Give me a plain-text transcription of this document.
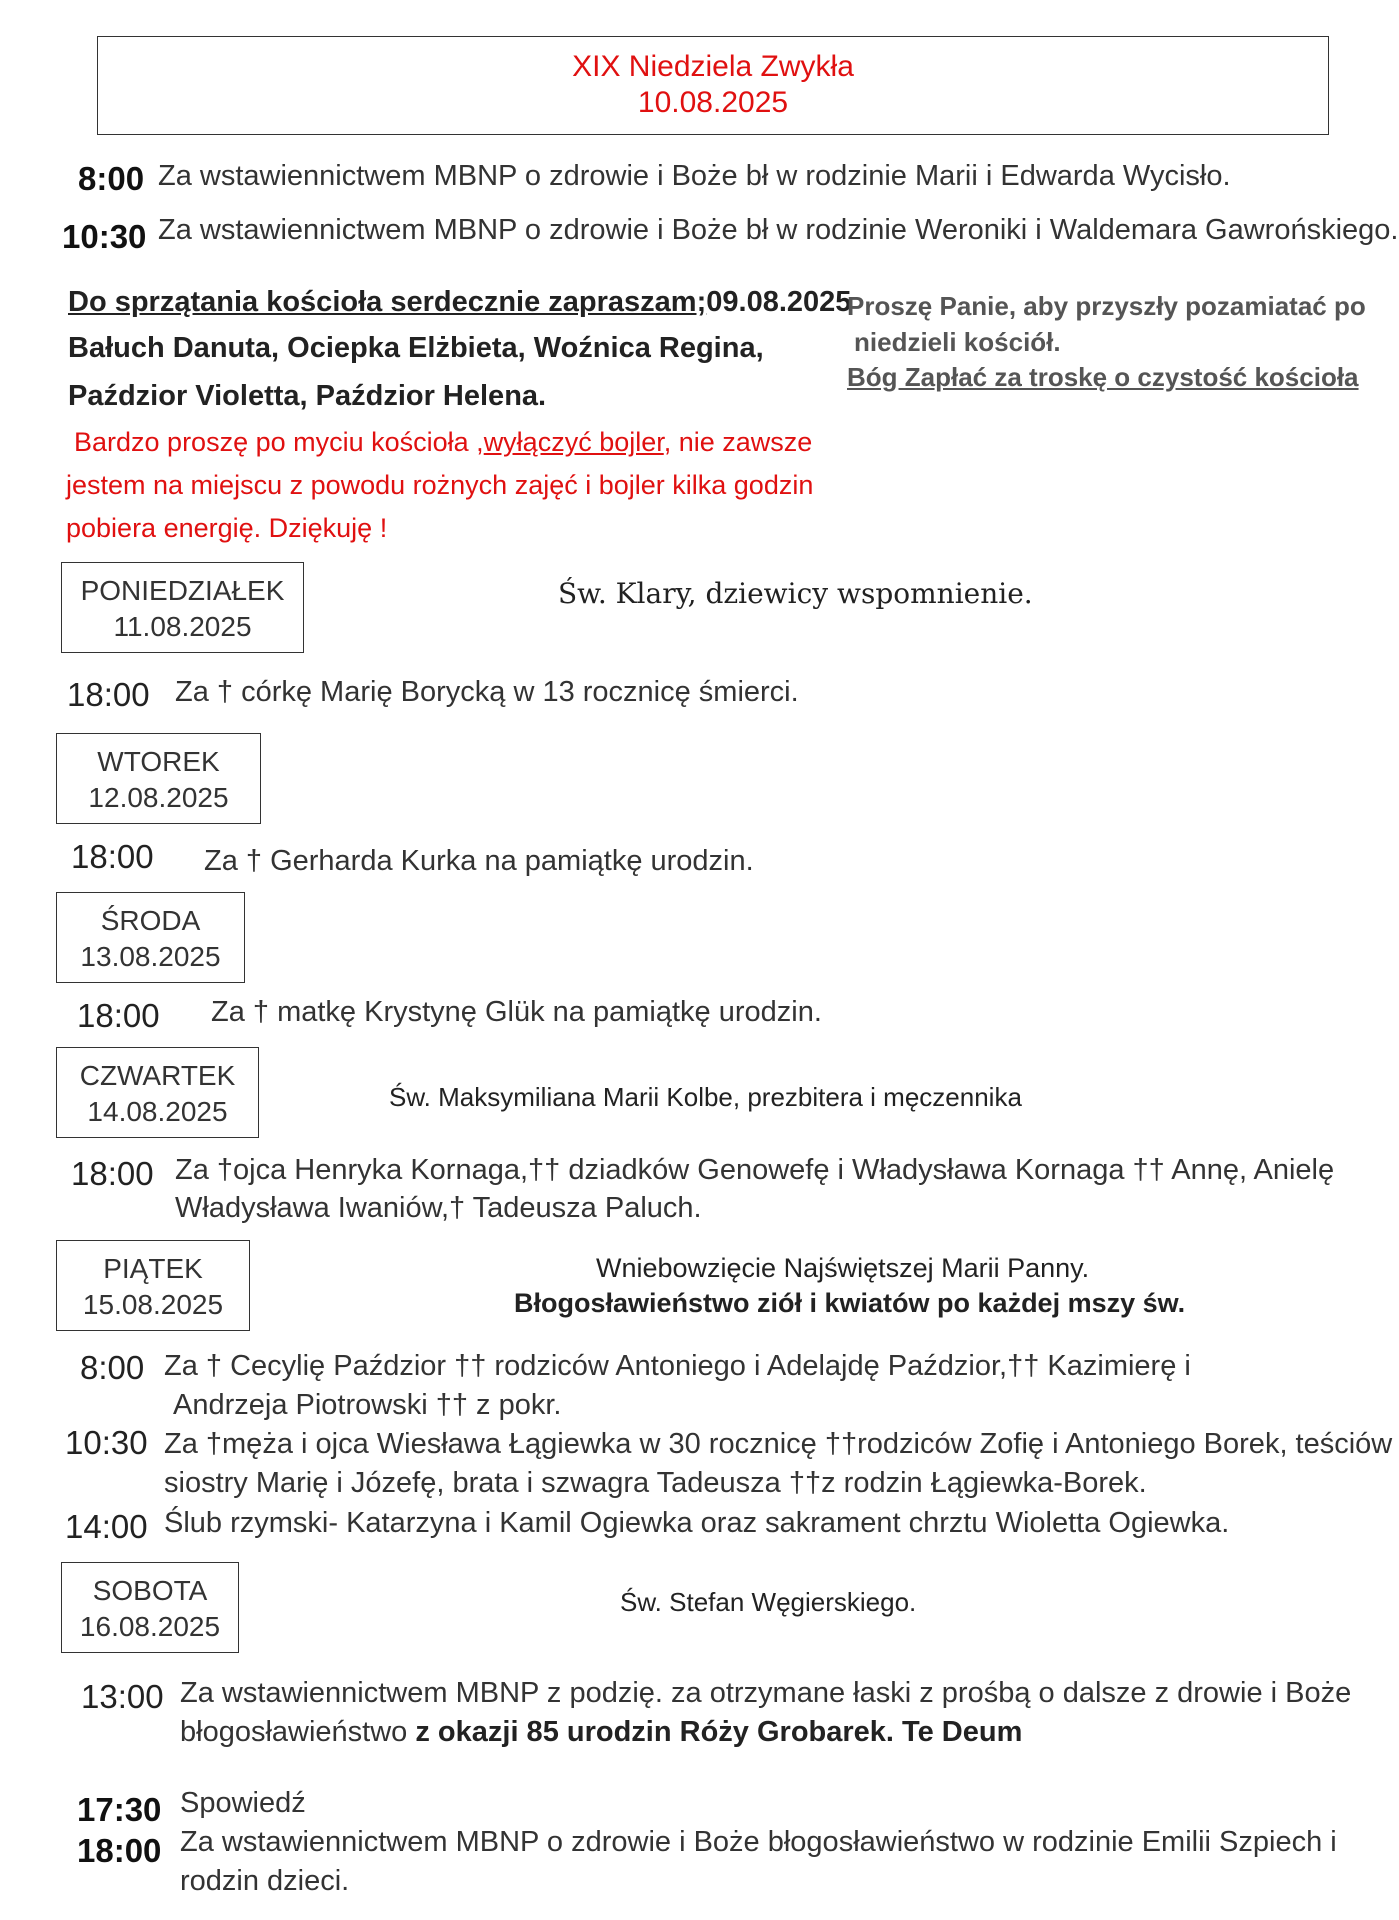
XIX Niedziela Zwykła
10.08.2025
8:00 Za wstawiennictwem MBNP o zdrowie i Boże bł w rodzinie Marii i Edwarda Wycisło.
10:30 Za wstawiennictwem MBNP o zdrowie i Boże bł w rodzinie Weroniki i Waldemara Gawrońskiego.
Do sprzątania kościoła serdecznie zapraszam;09.08.2025
Bałuch Danuta, Ociepka Elżbieta, Woźnica Regina,
Paździor Violetta, Paździor Helena.
Bardzo proszę po myciu kościoła ,wyłączyć bojler, nie zawsze
jestem na miejscu z powodu rożnych zajęć i bojler kilka godzin
pobiera energię. Dziękuję !
Proszę Panie, aby przyszły pozamiatać po
niedzieli kościół.
Bóg Zapłać za troskę o czystość kościoła
PONIEDZIAŁEK
11.08.2025
Św. Klary, dziewicy wspomnienie.
18:00 Za † córkę Marię Borycką w 13 rocznicę śmierci.
WTOREK
12.08.2025
18:00 Za † Gerharda Kurka na pamiątkę urodzin.
ŚRODA
13.08.2025
18:00 Za † matkę Krystynę Glük na pamiątkę urodzin.
CZWARTEK
14.08.2025	Św. Maksymiliana Marii Kolbe, prezbitera i męczennika
18:00 Za †ojca Henryka Kornaga,†† dziadków Genowefę i Władysława Kornaga †† Annę, Anielę
Władysława Iwaniów,† Tadeusza Paluch.
PIĄTEK
15.08.2025
Wniebowzięcie Najświętszej Marii Panny.
Błogosławieństwo ziół i kwiatów po każdej mszy św.
8:00 Za † Cecylię Paździor †† rodziców Antoniego i Adelajdę Paździor,†† Kazimierę i
Andrzeja Piotrowski †† z pokr.
10:30 Za †męża i ojca Wiesława Łągiewka w 30 rocznicę ††rodziców Zofię i Antoniego Borek, teściów
siostry Marię i Józefę, brata i szwagra Tadeusza ††z rodzin Łągiewka-Borek.
14:00 Ślub rzymski- Katarzyna i Kamil Ogiewka oraz sakrament chrztu Wioletta Ogiewka.
SOBOTA
16.08.2025
Św. Stefan Węgierskiego.
13:00 Za wstawiennictwem MBNP z podzię. za otrzymane łaski z prośbą o dalsze z drowie i Boże
błogosławieństwo z okazji 85 urodzin Róży Grobarek. Te Deum
17:30 Spowiedź
18:00 Za wstawiennictwem MBNP o zdrowie i Boże błogosławieństwo w rodzinie Emilii Szpiech i
rodzin dzieci.
